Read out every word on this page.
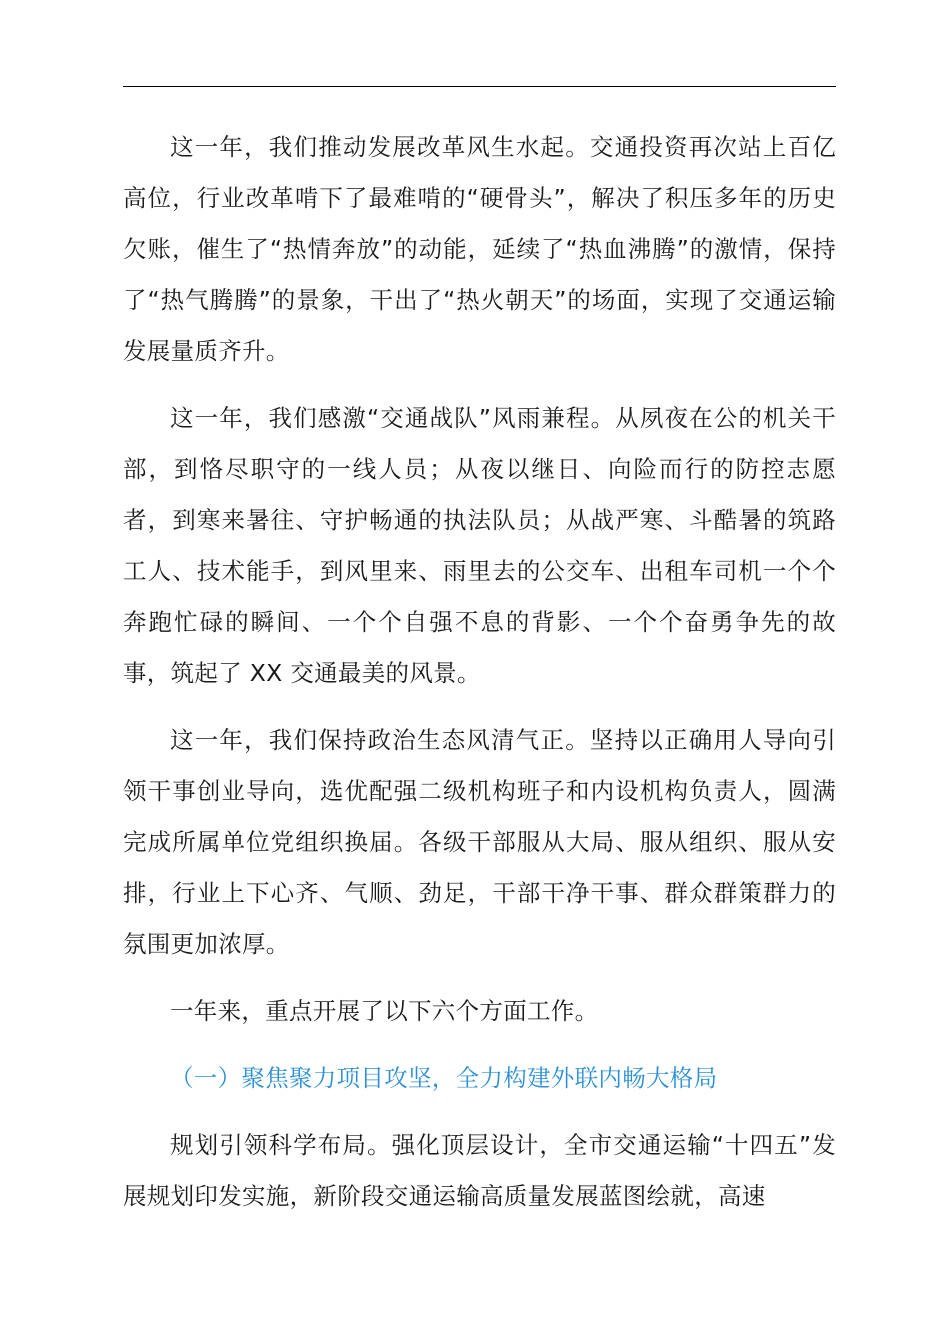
这一年，我们推动发展改革风生水起。交通投资再次站上百亿高位，行业改革啃下了最难啃的“硬骨头”，解决了积压多年的历史欠账，催生了“热情奔放”的动能，延续了“热血沸腾”的激情，保持了“热气腾腾”的景象，干出了“热火朝天”的场面，实现了交通运输发展量质齐升。

这一年，我们感激“交通战队”风雨兼程。从夙夜在公的机关干部，到恪尽职守的一线人员；从夜以继日、向险而行的防控志愿者，到寒来暑往、守护畅通的执法队员；从战严寒、斗酷暑的筑路工人、技术能手，到风里来、雨里去的公交车、出租车司机一个个奔跑忙碌的瞬间、一个个自强不息的背影、一个个奋勇争先的故事，筑起了 XX 交通最美的风景。

这一年，我们保持政治生态风清气正。坚持以正确用人导向引领干事创业导向，选优配强二级机构班子和内设机构负责人，圆满完成所属单位党组织换届。各级干部服从大局、服从组织、服从安排，行业上下心齐、气顺、劲足，干部干净干事、群众群策群力的氛围更加浓厚。

一年来，重点开展了以下六个方面工作。

（一）聚焦聚力项目攻坚，全力构建外联内畅大格局

规划引领科学布局。强化顶层设计，全市交通运输“十四五”发展规划印发实施，新阶段交通运输高质量发展蓝图绘就，高速
